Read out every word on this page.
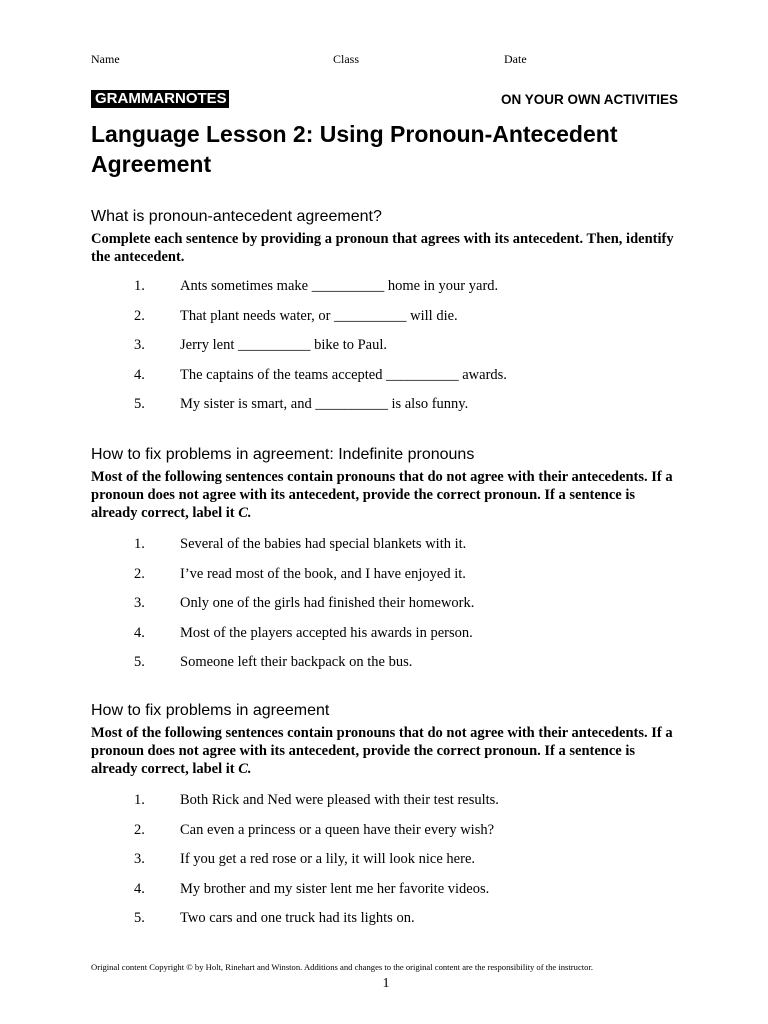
Name	Class	Date
GRAMMARNOTES	ON YOUR OWN ACTIVITIES
Language Lesson 2: Using Pronoun-Antecedent Agreement
What is pronoun-antecedent agreement?

Complete each sentence by providing a pronoun that agrees with its antecedent. Then, identify the antecedent.

1. Ants sometimes make __________ home in your yard.
2. That plant needs water, or __________ will die.
3. Jerry lent __________ bike to Paul.
4. The captains of the teams accepted __________ awards.
5. My sister is smart, and __________ is also funny.
How to fix problems in agreement: Indefinite pronouns

Most of the following sentences contain pronouns that do not agree with their antecedents. If a pronoun does not agree with its antecedent, provide the correct pronoun. If a sentence is already correct, label it C.

1. Several of the babies had special blankets with it.
2. I’ve read most of the book, and I have enjoyed it.
3. Only one of the girls had finished their homework.
4. Most of the players accepted his awards in person.
5. Someone left their backpack on the bus.
How to fix problems in agreement

Most of the following sentences contain pronouns that do not agree with their antecedents. If a pronoun does not agree with its antecedent, provide the correct pronoun. If a sentence is already correct, label it C.

1. Both Rick and Ned were pleased with their test results.
2. Can even a princess or a queen have their every wish?
3. If you get a red rose or a lily, it will look nice here.
4. My brother and my sister lent me her favorite videos.
5. Two cars and one truck had its lights on.
Original content Copyright © by Holt, Rinehart and Winston. Additions and changes to the original content are the responsibility of the instructor.
1
